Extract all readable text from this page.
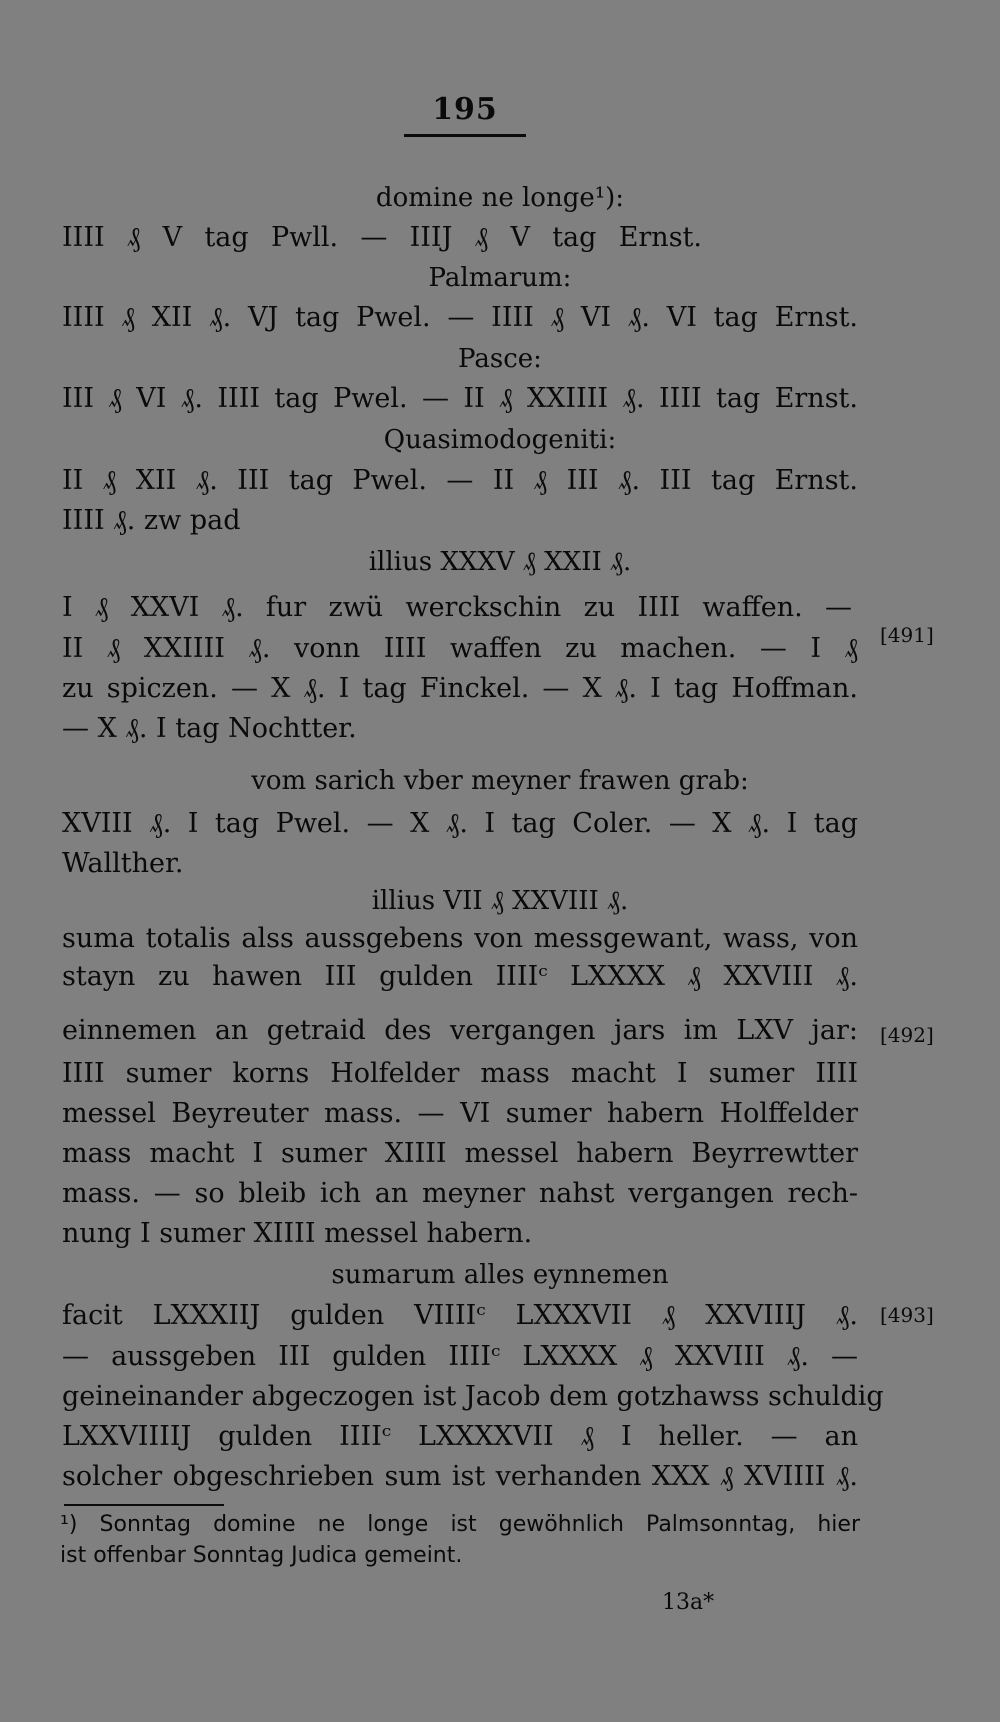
195
domine ne longe¹):
IIII ₰ V tag Pwll. — IIIJ ₰ V tag Ernst.
Palmarum:
IIII ₰ XII ₰. VJ tag Pwel. — IIII ₰ VI ₰. VI tag Ernst.
Pasce:
III ₰ VI ₰. IIII tag Pwel. — II ₰ XXIIII ₰. IIII tag Ernst.
Quasimodogeniti:
II ₰ XII ₰. III tag Pwel. — II ₰ III ₰. III tag Ernst.
IIII ₰. zw pad
illius XXXV ₰ XXII ₰.
I ₰ XXVI ₰. fur zwü werckschin zu IIII waffen. —
II ₰ XXIIII ₰. vonn IIII waffen zu machen. — I ₰
zu spiczen. — X ₰. I tag Finckel. — X ₰. I tag Hoffman.
— X ₰. I tag Nochtter.
vom sarich vber meyner frawen grab:
XVIII ₰. I tag Pwel. — X ₰. I tag Coler. — X ₰. I tag
Wallther.
illius VII ₰ XXVIII ₰.
suma totalis alss aussgebens von messgewant, wass, von
stayn zu hawen III gulden IIIIᶜ LXXXX ₰ XXVIII ₰.
einnemen an getraid des vergangen jars im LXV jar:
IIII sumer korns Holfelder mass macht I sumer IIII
messel Beyreuter mass. — VI sumer habern Holffelder
mass macht I sumer XIIII messel habern Beyrrewtter
mass. — so bleib ich an meyner nahst vergangen rech-
nung I sumer XIIII messel habern.
sumarum alles eynnemen
facit LXXXIIJ gulden VIIIIᶜ LXXXVII ₰ XXVIIIJ ₰.
— aussgeben III gulden IIIIᶜ LXXXX ₰ XXVIII ₰. —
geineinander abgeczogen ist Jacob dem gotzhawss schuldig
LXXVIIIIJ gulden IIIIᶜ LXXXXVII ₰ I heller. — an
solcher obgeschrieben sum ist verhanden XXX ₰ XVIIII ₰.
[491]
[492]
[493]
¹) Sonntag domine ne longe ist gewöhnlich Palmsonntag, hier
ist offenbar Sonntag Judica gemeint.
13a*
